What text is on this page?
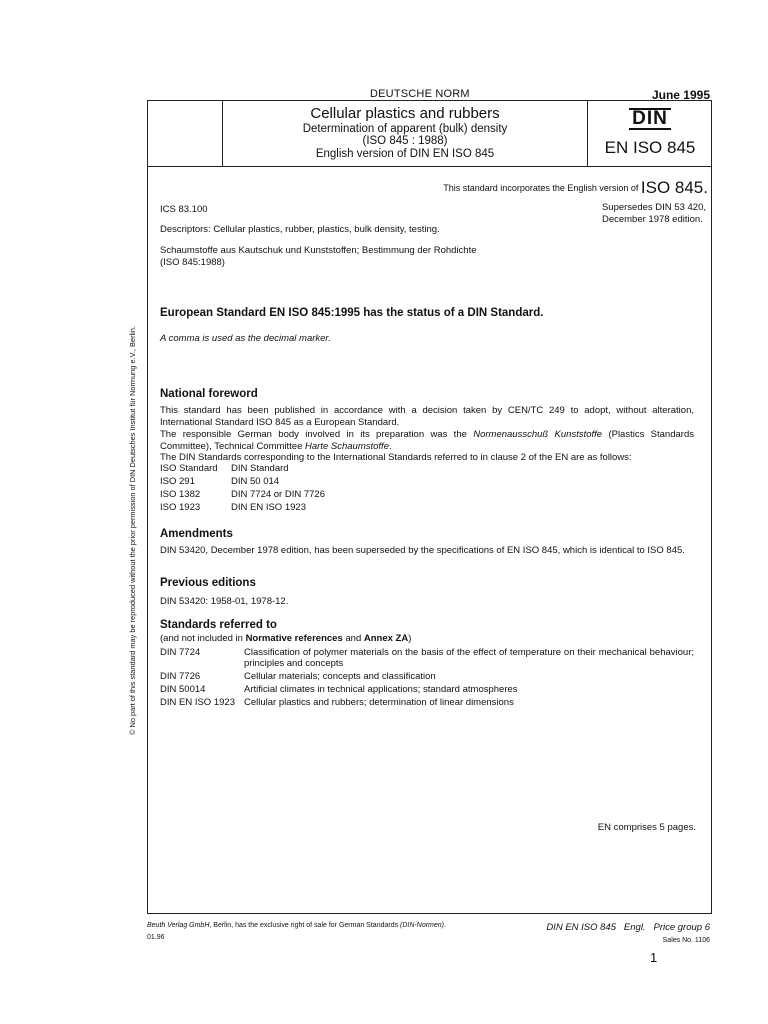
DEUTSCHE NORM	June 1995
Cellular plastics and rubbers
Determination of apparent (bulk) density
(ISO 845 : 1988)
English version of DIN EN ISO 845
DIN
EN ISO 845
This standard incorporates the English version of ISO 845.
ICS 83.100	Supersedes DIN 53 420,
December 1978 edition.
Descriptors: Cellular plastics, rubber, plastics, bulk density, testing.
Schaumstoffe aus Kautschuk und Kunststoffen; Bestimmung der Rohdichte
(ISO 845:1988)
European Standard EN ISO 845:1995 has the status of a DIN Standard.
A comma is used as the decimal marker.
National foreword
This standard has been published in accordance with a decision taken by CEN/TC 249 to adopt, without alteration, International Standard ISO 845 as a European Standard.
The responsible German body involved in its preparation was the Normenausschuß Kunststoffe (Plastics Standards Committee), Technical Committee Harte Schaumstoffe.
The DIN Standards corresponding to the International Standards referred to in clause 2 of the EN are as follows:
ISO Standard	DIN Standard
ISO 291	DIN 50 014
ISO 1382	DIN 7724 or DIN 7726
ISO 1923	DIN EN ISO 1923
Amendments
DIN 53420, December 1978 edition, has been superseded by the specifications of EN ISO 845, which is identical to ISO 845.
Previous editions
DIN 53420: 1958-01, 1978-12.
Standards referred to
(and not included in Normative references and Annex ZA)
DIN 7724	Classification of polymer materials on the basis of the effect of temperature on their mechanical behaviour; principles and concepts
DIN 7726	Cellular materials; concepts and classification
DIN 50014	Artificial climates in technical applications; standard atmospheres
DIN EN ISO 1923	Cellular plastics and rubbers; determination of linear dimensions
EN comprises 5 pages.
© No part of this standard may be reproduced without the prior permission of DIN Deutsches Institut für Normung e.V., Berlin.
Beuth Verlag GmbH, Berlin, has the exclusive right of sale for German Standards (DIN-Normen).
01.96
DIN EN ISO 845   Engl.   Price group 6
Sales No. 1106
1
